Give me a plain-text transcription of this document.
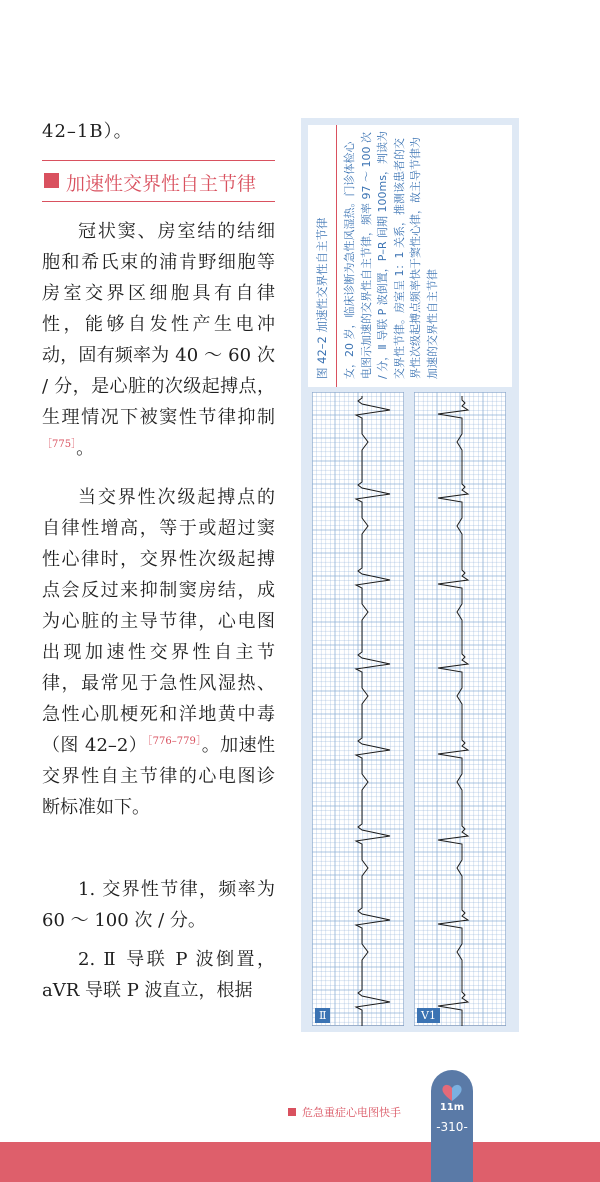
42–1B）。
加速性交界性自主节律
冠状窦、房室结的结细胞和希氏束的浦肯野细胞等房室交界区细胞具有自律性，能够自发性产生电冲动，固有频率为 40 ～ 60 次 / 分，是心脏的次级起搏点，生理情况下被窦性节律抑制$^{[775]}$。
当交界性次级起搏点的自律性增高，等于或超过窦性心律时，交界性次级起搏点会反过来抑制窦房结，成为心脏的主导节律，心电图出现加速性交界性自主节律，最常见于急性风湿热、急性心肌梗死和洋地黄中毒（图 42–2）$^{[776-779]}$。加速性交界性自主节律的心电图诊断标准如下。
1. 交界性节律，频率为 60 ～ 100 次 / 分。
2. Ⅱ 导联 P 波倒置，aVR 导联 P 波直立，根据
图 42–2 加速性交界性自主节律 女，20 岁，临床诊断为急性风湿热。门诊体检心电图示加速的交界性自主节律，频率 97 ～ 100 次 / 分，Ⅱ 导联 P 波倒置，P–R 间期 100ms，判读为交界性节律。房室呈 1：1 关系，推测该患者的交界性次级起搏点频率快于窦性心律，故主导节律为加速的交界性自主节律
Ⅱ	V1
危急重症心电图快手	11m
-310-
